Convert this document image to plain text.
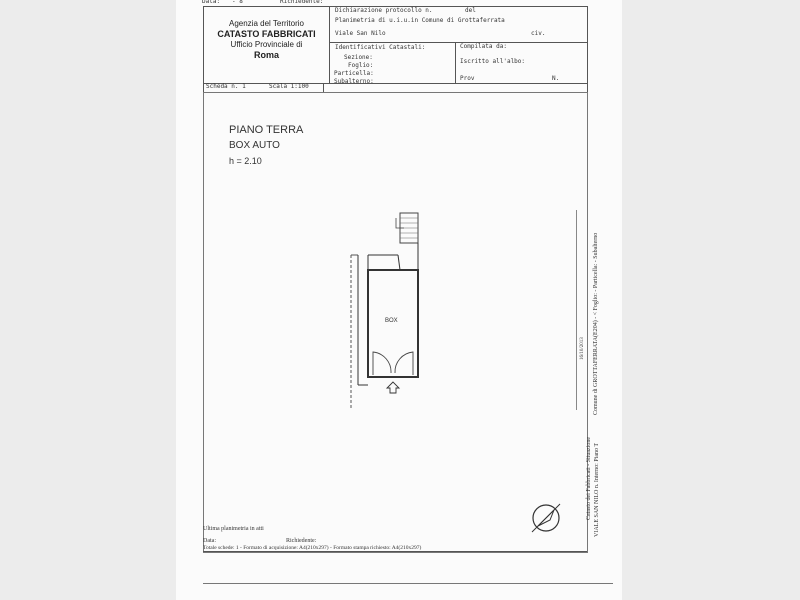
Data: - 8	Richiedente:
Agenzia del Territorio
CATASTO FABBRICATI
Ufficio Provinciale di
Roma
Dichiarazione protocollo n.	del
Planimetria di u.i.u.in Comune di Grottaferrata
Viale San Nilo	civ.
Identificativi Catastali:
Sezione:
Foglio:
Particella:
Subalterno:
Compilata da:
Iscritto all'albo:
Prov	N.
Scheda n. 1	Scala 1:100
PIANO TERRA
BOX AUTO
h = 2.10
BOX	Comune di GROTTAFERRATA(E204) - < Foglio: - Particella: - Subalterno
16/10/2013
VIALE SAN NILO n. Interno: Piano T
Catasto dei Fabbricati - Situazione
Ultima planimetria in atti
Data:	Richiedente:
Totale schede: 1 - Formato di acquisizione: A4(210x297) - Formato stampa richiesto: A4(210x297)
